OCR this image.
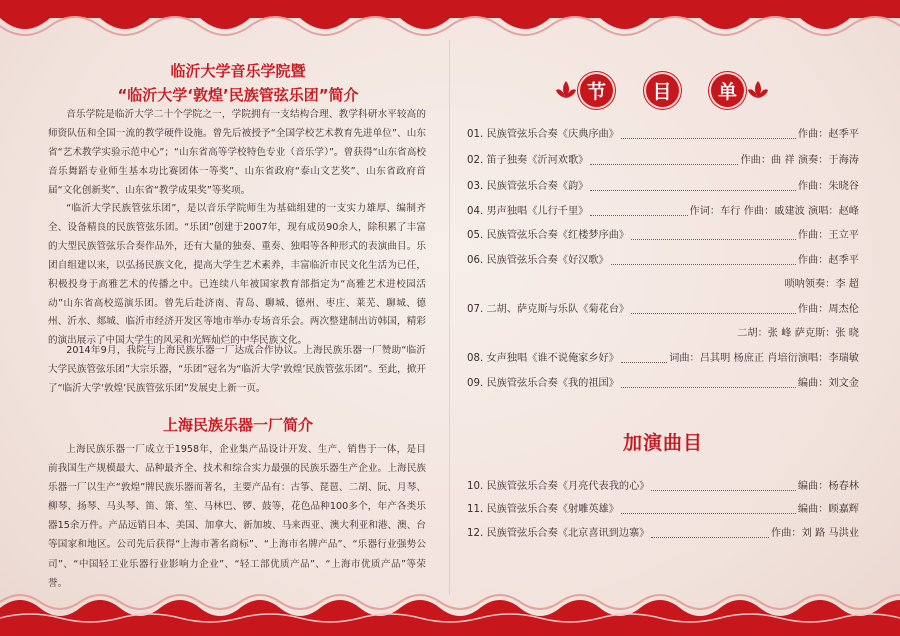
临沂大学音乐学院暨
“临沂大学‘敦煌’民族管弦乐团”简介

音乐学院是临沂大学二十个学院之一，学院拥有一支结构合理、教学科研水平较高的师资队伍和全国一流的教学硬件设施。曾先后被授予“全国学校艺术教育先进单位”、山东省“艺术教学实验示范中心”；“山东省高等学校特色专业（音乐学）”。曾获得“山东省高校音乐舞蹈专业师生基本功比赛团体一等奖”、山东省政府“泰山文艺奖”、山东省政府首届“文化创新奖”、山东省“教学成果奖”等奖项。

“临沂大学民族管弦乐团”，是以音乐学院师生为基础组建的一支实力雄厚、编制齐全、设备精良的民族管弦乐团。“乐团”创建于2007年，现有成员90余人，除积累了丰富的大型民族管弦乐合奏作品外，还有大量的独奏、重奏、独唱等各种形式的表演曲目。乐团自组建以来，以弘扬民族文化，提高大学生艺术素养，丰富临沂市民文化生活为已任，积极投身于高雅艺术的传播之中。已连续八年被国家教育部指定为“高雅艺术进校园活动”山东省高校巡演乐团。曾先后赴济南、青岛、聊城、德州、枣庄、莱芜、聊城、德州、沂水、郯城、临沂市经济开发区等地市举办专场音乐会。两次整建制出访韩国，精彩的演出展示了中国大学生的风采和光辉灿烂的中华民族文化。

2014年9月，我院与上海民族乐器一厂达成合作协议。上海民族乐器一厂赞助“临沂大学民族管弦乐团”大宗乐器，“乐团”冠名为“临沂大学‘敦煌’民族管弦乐团”。至此，掀开了“临沂大学‘敦煌’民族管弦乐团”发展史上新一页。

上海民族乐器一厂简介

上海民族乐器一厂成立于1958年，企业集产品设计开发、生产、销售于一体，是目前我国生产规模最大、品种最齐全、技术和综合实力最强的民族乐器生产企业。上海民族乐器一厂以生产“敦煌”牌民族乐器而著名，主要产品有：古筝、琵琶、二胡、阮、月琴、柳琴、扬琴、马头琴、笛、箫、笙、马林巴、锣、鼓等，花色品种100多个，年产各类乐器15余万件。产品远销日本、美国、加拿大、新加坡、马来西亚、澳大利亚和港、澳、台等国家和地区。公司先后获得“上海市著名商标”、“上海市名牌产品”、“乐器行业强势公司”、“中国轻工业乐器行业影响力企业”、“轻工部优质产品”、“上海市优质产品”等荣誉。

节	目	单
01. 民族管弦乐合奏《庆典序曲》	作曲：赵季平
02. 笛子独奏《沂河欢歌》	作曲：曲 祥 演奏：于海涛
03. 民族管弦乐合奏《韵》	作曲：朱晓谷
04. 男声独唱《儿行千里》	作词：车行 作曲：戚建波 演唱：赵峰
05. 民族管弦乐合奏《红楼梦序曲》	作曲：王立平
06. 民族管弦乐合奏《好汉歌》	作曲：赵季平
唢呐领奏：李 超
07. 二胡、萨克斯与乐队《菊花台》	作曲：周杰伦
二胡：张 峰 萨克斯：张 晓
08. 女声独唱《谁不说俺家乡好》	词曲：吕其明 杨庶正 肖培衍演唱：李瑞敏
09. 民族管弦乐合奏《我的祖国》	编曲：刘文金
加演曲目
10. 民族管弦乐合奏《月亮代表我的心》	编曲：杨春林
11. 民族管弦乐合奏《射雕英雄》	编曲：顾嘉辉
12. 民族管弦乐合奏《北京喜讯到边寨》	作曲：刘 路 马洪业
